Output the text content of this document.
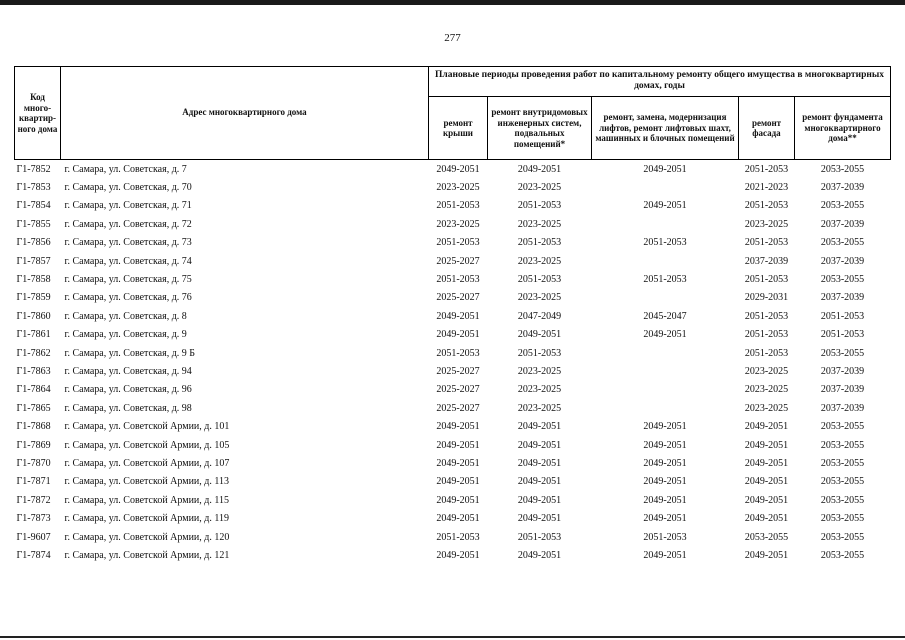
277
Код много-квартир-ного дома	Адрес многоквартирного дома	Плановые периоды проведения работ по капитальному ремонту общего имущества в многоквартирных домах, годы				
		ремонт крыши	ремонт внутридомовых инженерных систем, подвальных помещений*	ремонт, замена, модернизация лифтов, ремонт лифтовых шахт, машинных и блочных помещений	ремонт фасада	ремонт фундамента многоквартирного дома**
Г1-7852	г. Самара, ул. Советская, д. 7	2049-2051	2049-2051	2049-2051	2051-2053	2053-2055
Г1-7853	г. Самара, ул. Советская, д. 70	2023-2025	2023-2025		2021-2023	2037-2039
Г1-7854	г. Самара, ул. Советская, д. 71	2051-2053	2051-2053	2049-2051	2051-2053	2053-2055
Г1-7855	г. Самара, ул. Советская, д. 72	2023-2025	2023-2025		2023-2025	2037-2039
Г1-7856	г. Самара, ул. Советская, д. 73	2051-2053	2051-2053	2051-2053	2051-2053	2053-2055
Г1-7857	г. Самара, ул. Советская, д. 74	2025-2027	2023-2025		2037-2039	2037-2039
Г1-7858	г. Самара, ул. Советская, д. 75	2051-2053	2051-2053	2051-2053	2051-2053	2053-2055
Г1-7859	г. Самара, ул. Советская, д. 76	2025-2027	2023-2025		2029-2031	2037-2039
Г1-7860	г. Самара, ул. Советская, д. 8	2049-2051	2047-2049	2045-2047	2051-2053	2051-2053
Г1-7861	г. Самара, ул. Советская, д. 9	2049-2051	2049-2051	2049-2051	2051-2053	2051-2053
Г1-7862	г. Самара, ул. Советская, д. 9 Б	2051-2053	2051-2053		2051-2053	2053-2055
Г1-7863	г. Самара, ул. Советская, д. 94	2025-2027	2023-2025		2023-2025	2037-2039
Г1-7864	г. Самара, ул. Советская, д. 96	2025-2027	2023-2025		2023-2025	2037-2039
Г1-7865	г. Самара, ул. Советская, д. 98	2025-2027	2023-2025		2023-2025	2037-2039
Г1-7868	г. Самара, ул. Советской Армии, д. 101	2049-2051	2049-2051	2049-2051	2049-2051	2053-2055
Г1-7869	г. Самара, ул. Советской Армии, д. 105	2049-2051	2049-2051	2049-2051	2049-2051	2053-2055
Г1-7870	г. Самара, ул. Советской Армии, д. 107	2049-2051	2049-2051	2049-2051	2049-2051	2053-2055
Г1-7871	г. Самара, ул. Советской Армии, д. 113	2049-2051	2049-2051	2049-2051	2049-2051	2053-2055
Г1-7872	г. Самара, ул. Советской Армии, д. 115	2049-2051	2049-2051	2049-2051	2049-2051	2053-2055
Г1-7873	г. Самара, ул. Советской Армии, д. 119	2049-2051	2049-2051	2049-2051	2049-2051	2053-2055
Г1-9607	г. Самара, ул. Советской Армии, д. 120	2051-2053	2051-2053	2051-2053	2053-2055	2053-2055
Г1-7874	г. Самара, ул. Советской Армии, д. 121	2049-2051	2049-2051	2049-2051	2049-2051	2053-2055
